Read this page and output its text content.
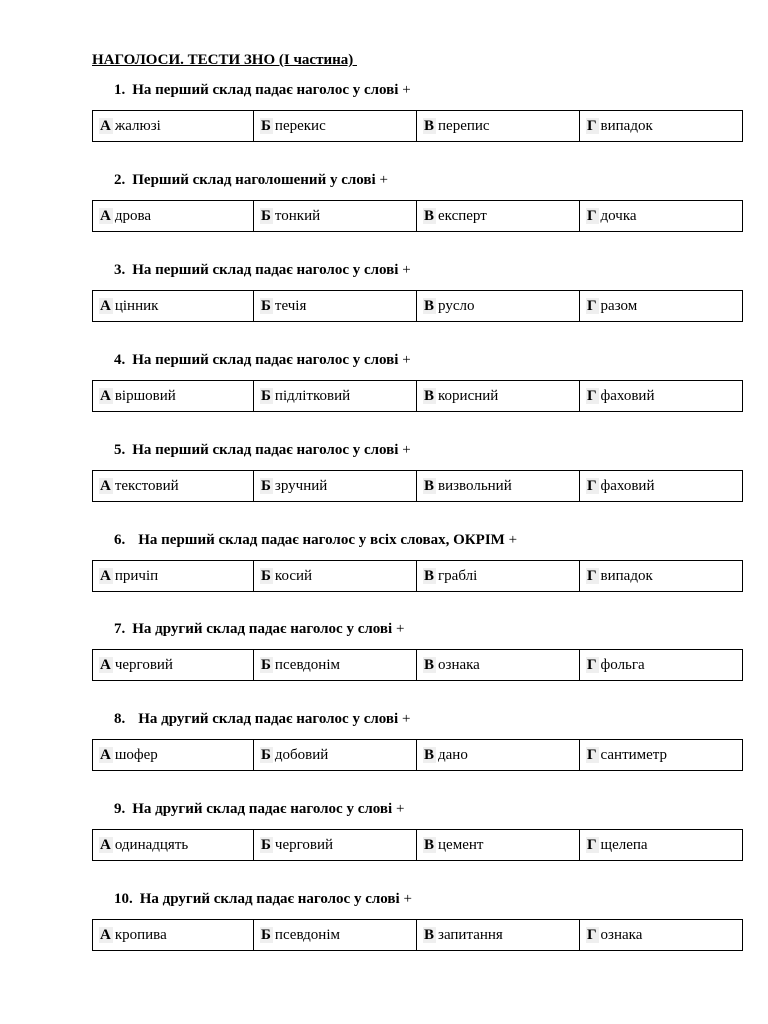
НАГОЛОСИ. ТЕСТИ ЗНО (І частина)
1. На перший склад падає наголос у слові +
А жалюзі	Б перекис	В перепис	Г випадок
2. Перший склад наголошений у слові +
А дрова	Б тонкий	В експерт	Г дочка
3. На перший склад падає наголос у слові +
А цінник	Б течія	В русло	Г разом
4. На перший склад падає наголос у слові +
А віршовий	Б підлітковий	В корисний	Г фаховий
5. На перший склад падає наголос у слові +
А текстовий	Б зручний	В визвольний	Г фаховий
6. На перший склад падає наголос у всіх словах, ОКРІМ +
А причіп	Б косий	В граблі	Г випадок
7. На другий склад падає наголос у слові +
А черговий	Б псевдонім	В ознака	Г фольга
8. На другий склад падає наголос у слові +
А шофер	Б добовий	В дано	Г сантиметр
9. На другий склад падає наголос у слові +
А одинадцять	Б черговий	В цемент	Г щелепа
10. На другий склад падає наголос у слові +
А кропива	Б псевдонім	В запитання	Г ознака
